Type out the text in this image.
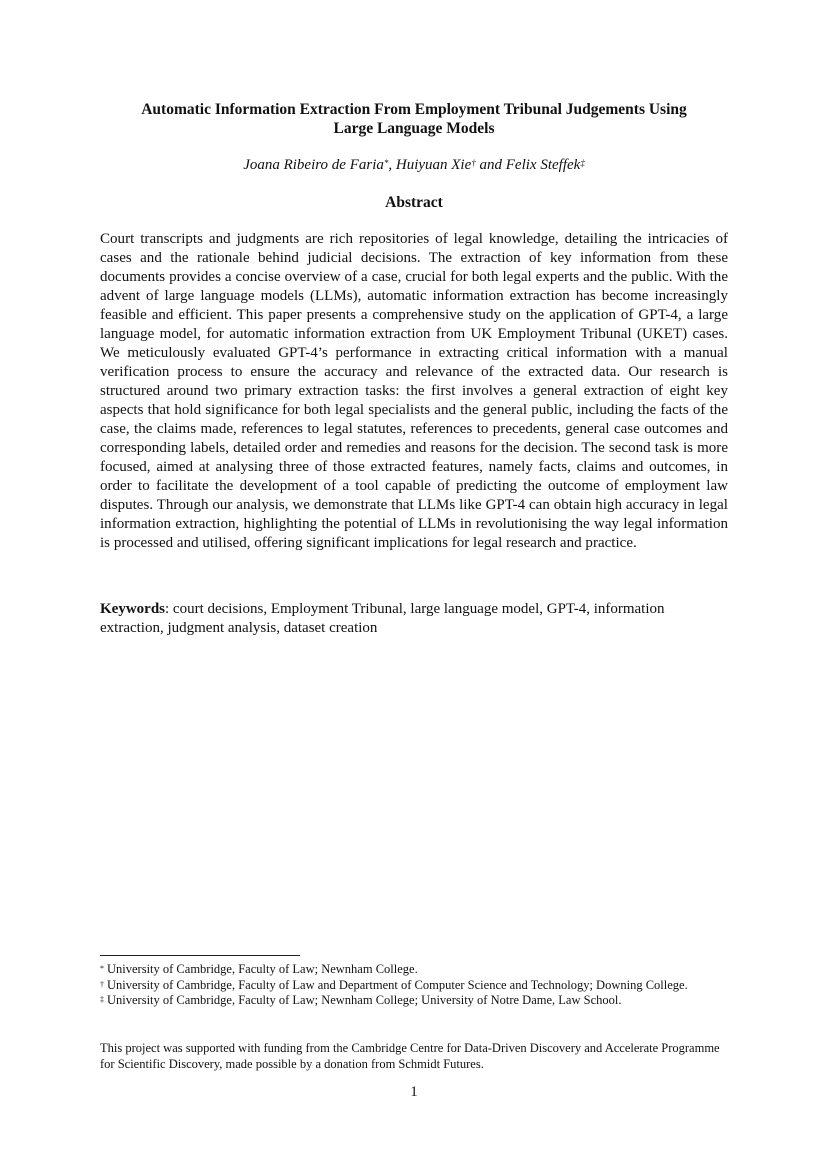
Automatic Information Extraction From Employment Tribunal Judgements Using
Large Language Models

Joana Ribeiro de Faria*, Huiyuan Xie† and Felix Steffek‡

Abstract

Court transcripts and judgments are rich repositories of legal knowledge, detailing the intricacies of cases and the rationale behind judicial decisions. The extraction of key information from these documents provides a concise overview of a case, crucial for both legal experts and the public. With the advent of large language models (LLMs), automatic information extraction has become increasingly feasible and efficient. This paper presents a comprehensive study on the application of GPT-4, a large language model, for automatic information extraction from UK Employment Tribunal (UKET) cases. We meticulously evaluated GPT-4’s performance in extracting critical information with a manual verification process to ensure the accuracy and relevance of the extracted data. Our research is structured around two primary extraction tasks: the first involves a general extraction of eight key aspects that hold significance for both legal specialists and the general public, including the facts of the case, the claims made, references to legal statutes, references to precedents, general case outcomes and corresponding labels, detailed order and remedies and reasons for the decision. The second task is more focused, aimed at analysing three of those extracted features, namely facts, claims and outcomes, in order to facilitate the development of a tool capable of predicting the outcome of employment law disputes. Through our analysis, we demonstrate that LLMs like GPT-4 can obtain high accuracy in legal information extraction, highlighting the potential of LLMs in revolutionising the way legal information is processed and utilised, offering significant implications for legal research and practice.

Keywords: court decisions, Employment Tribunal, large language model, GPT-4, information extraction, judgment analysis, dataset creation

* University of Cambridge, Faculty of Law; Newnham College.

† University of Cambridge, Faculty of Law and Department of Computer Science and Technology; Downing College.

‡ University of Cambridge, Faculty of Law; Newnham College; University of Notre Dame, Law School.

This project was supported with funding from the Cambridge Centre for Data-Driven Discovery and Accelerate Programme for Scientific Discovery, made possible by a donation from Schmidt Futures.

1
